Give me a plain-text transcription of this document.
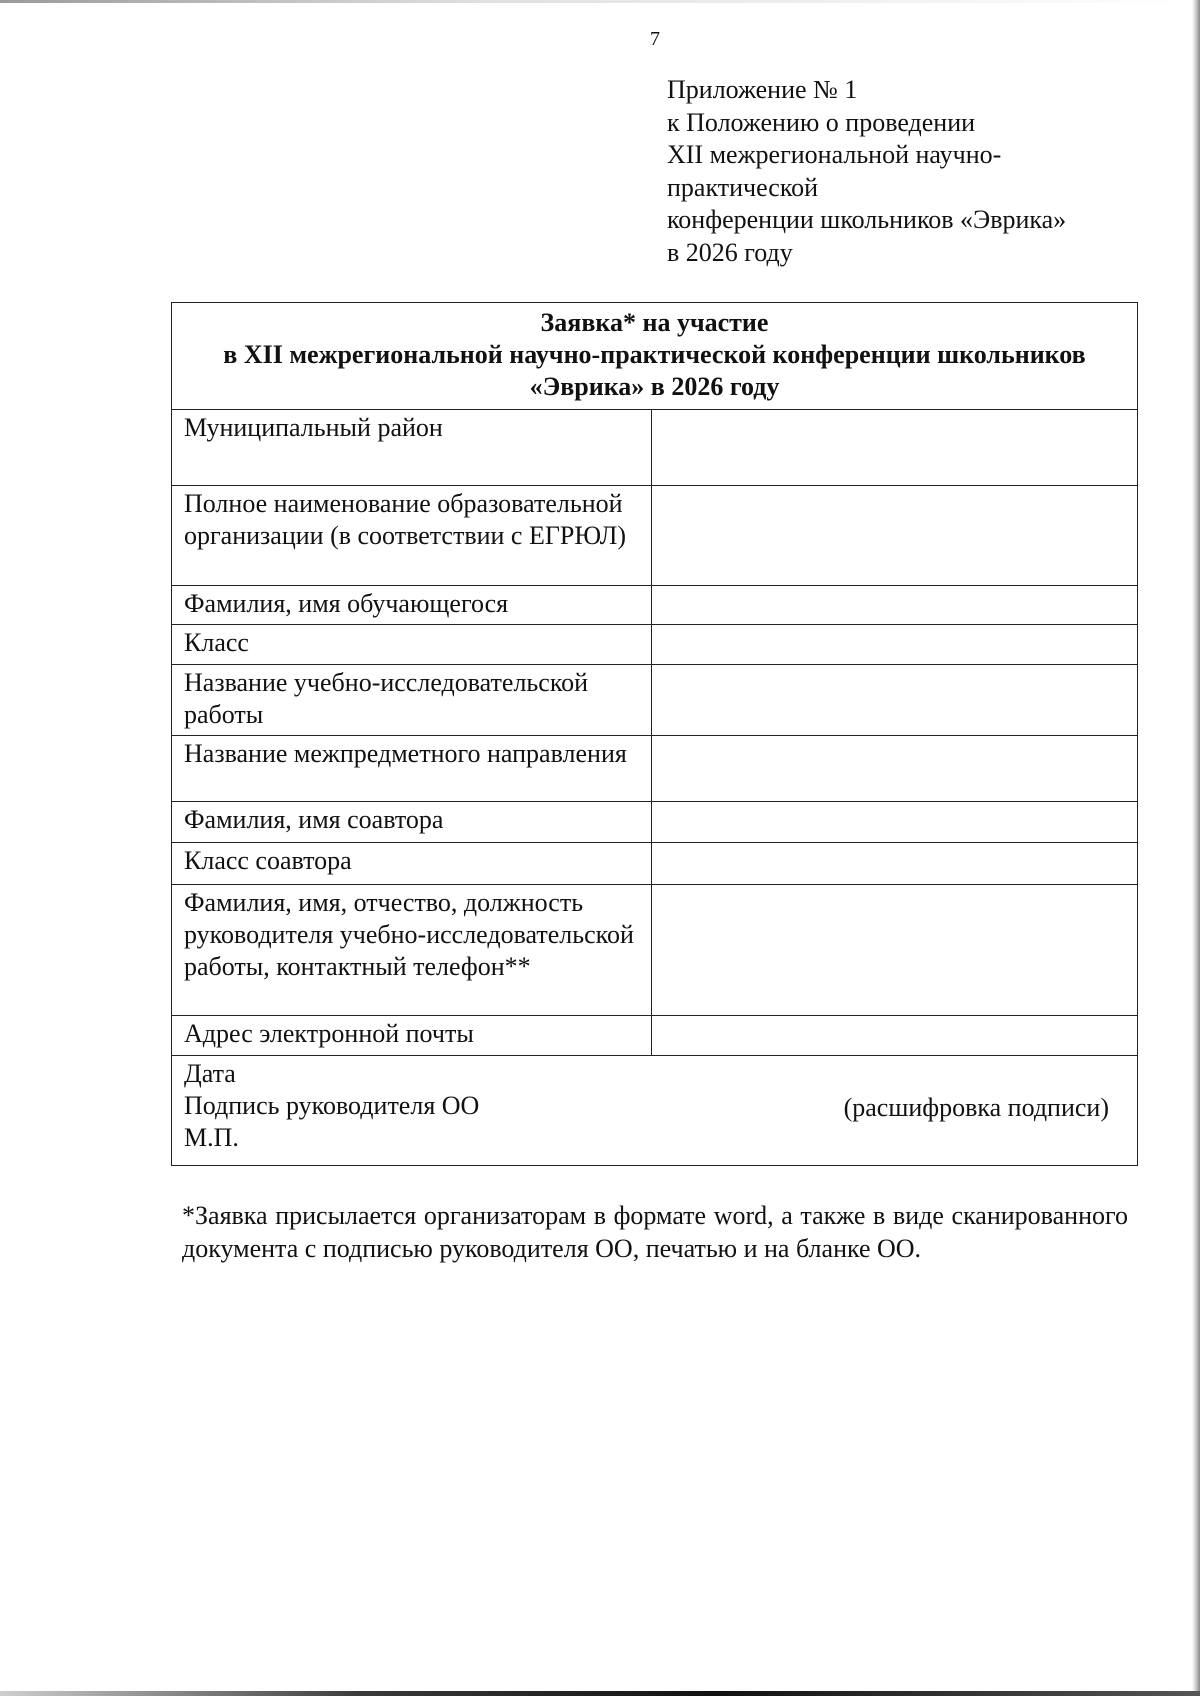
7
Приложение № 1
к Положению о проведении
XII межрегиональной научно-
практической
конференции школьников «Эврика»
в 2026 году
Заявка* на участие
в XII межрегиональной научно-практической конференции школьников
«Эврика» в 2026 году	

Муниципальный район	
Полное наименование образовательной организации (в соответствии с ЕГРЮЛ)	
Фамилия, имя обучающегося	
Класс	
Название учебно-исследовательской работы	
Название межпредметного направления	
Фамилия, имя соавтора	
Класс соавтора	
Фамилия, имя, отчество, должность руководителя учебно-исследовательской работы, контактный телефон**	
Адрес электронной почты	

Дата
Подпись руководителя ОО
М.П.
(расшифровка подписи)	
*Заявка присылается организаторам в формате word, а также в виде сканированного документа с подписью руководителя ОО, печатью и на бланке ОО.
